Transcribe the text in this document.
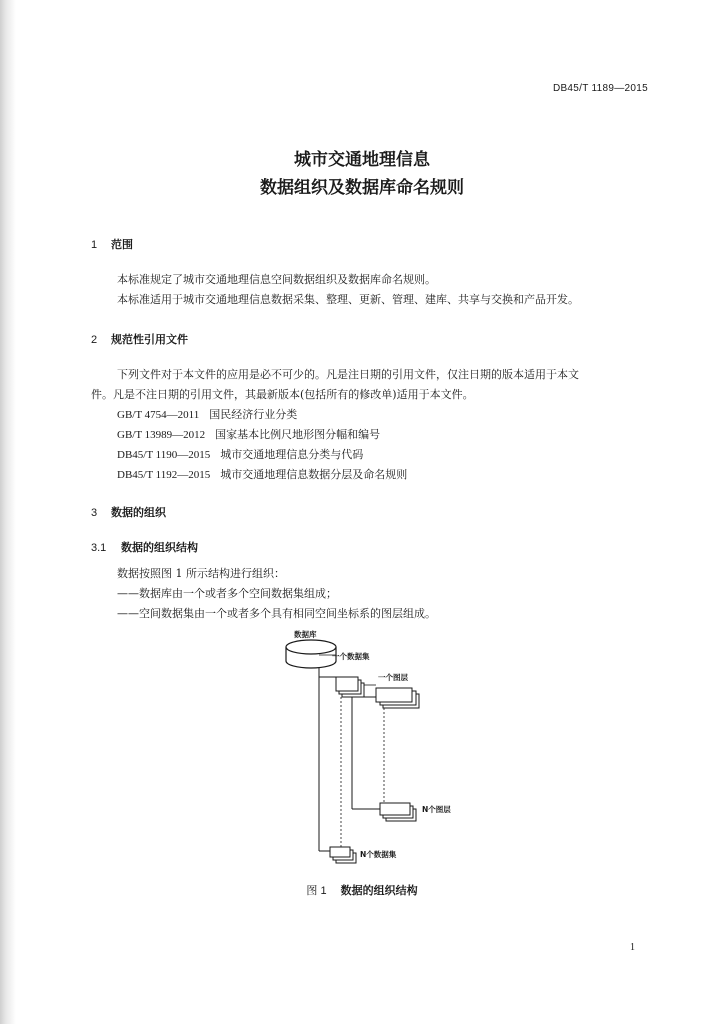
DB45/T 1189—2015
城市交通地理信息
数据组织及数据库命名规则
1 范围
本标准规定了城市交通地理信息空间数据组织及数据库命名规则。
本标准适用于城市交通地理信息数据采集、整理、更新、管理、建库、共享与交换和产品开发。
2 规范性引用文件
下列文件对于本文件的应用是必不可少的。凡是注日期的引用文件，仅注日期的版本适用于本文
件。凡是不注日期的引用文件，其最新版本(包括所有的修改单)适用于本文件。
GB/T 4754—2011 国民经济行业分类
GB/T 13989—2012 国家基本比例尺地形图分幅和编号
DB45/T 1190—2015 城市交通地理信息分类与代码
DB45/T 1192—2015 城市交通地理信息数据分层及命名规则
3 数据的组织
3.1 数据的组织结构
数据按照图 1 所示结构进行组织：
——数据库由一个或者多个空间数据集组成；
——空间数据集由一个或者多个具有相同空间坐标系的图层组成。
数据库
一个数据集
一个图层
N个图层
N个数据集
图 1 数据的组织结构
1
